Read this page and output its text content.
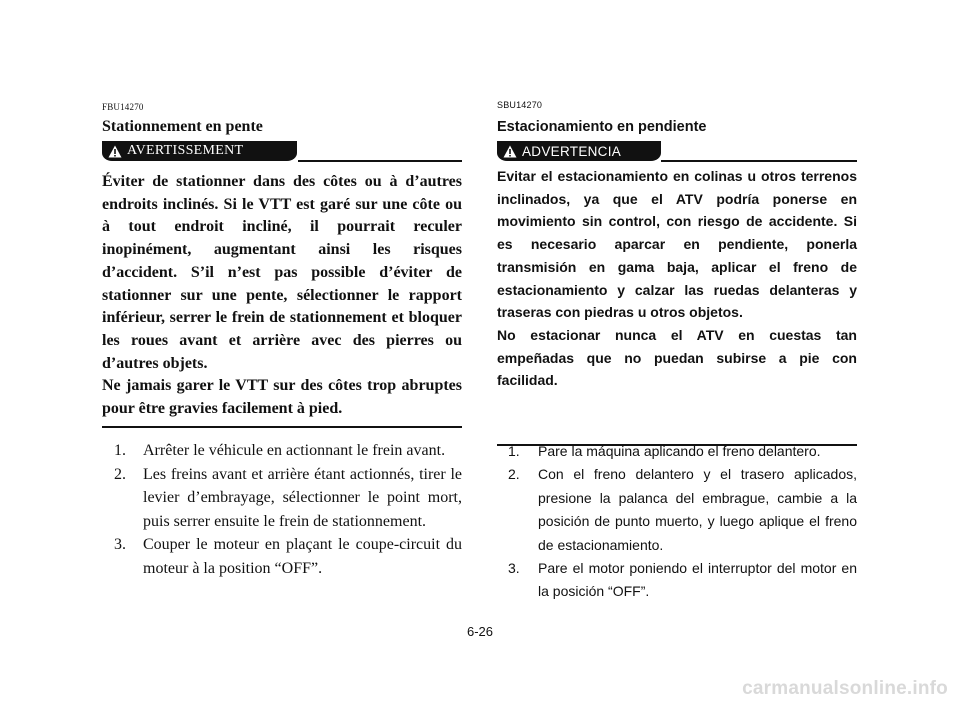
FBU14270
Stationnement en pente
AVERTISSEMENT

Éviter de stationner dans des côtes ou à d’autres endroits inclinés. Si le VTT est garé sur une côte ou à tout endroit incliné, il pourrait reculer inopinément, augmentant ainsi les risques d’accident. S’il n’est pas possible d’éviter de stationner sur une pente, sélectionner le rapport inférieur, serrer le frein de stationnement et bloquer les roues avant et arrière avec des pierres ou d’autres objets.

Ne jamais garer le VTT sur des côtes trop abruptes pour être gravies facilement à pied.

1. Arrêter le véhicule en actionnant le frein avant.
2. Les freins avant et arrière étant actionnés, tirer le levier d’embrayage, sélectionner le point mort, puis serrer ensuite le frein de stationnement.
3. Couper le moteur en plaçant le coupe-circuit du moteur à la position “OFF”.
SBU14270
Estacionamiento en pendiente
ADVERTENCIA

Evitar el estacionamiento en colinas u otros terrenos inclinados, ya que el ATV podría ponerse en movimiento sin control, con riesgo de accidente. Si es necesario aparcar en pendiente, ponerla transmisión en gama baja, aplicar el freno de estacionamiento y calzar las ruedas delanteras y traseras con piedras u otros objetos.

No estacionar nunca el ATV en cuestas tan empeñadas que no puedan subirse a pie con facilidad.

1. Pare la máquina aplicando el freno delantero.
2. Con el freno delantero y el trasero aplicados, presione la palanca del embrague, cambie a la posición de punto muerto, y luego aplique el freno de estacionamiento.
3. Pare el motor poniendo el interruptor del motor en la posición “OFF”.
6-26
carmanualsonline.info
